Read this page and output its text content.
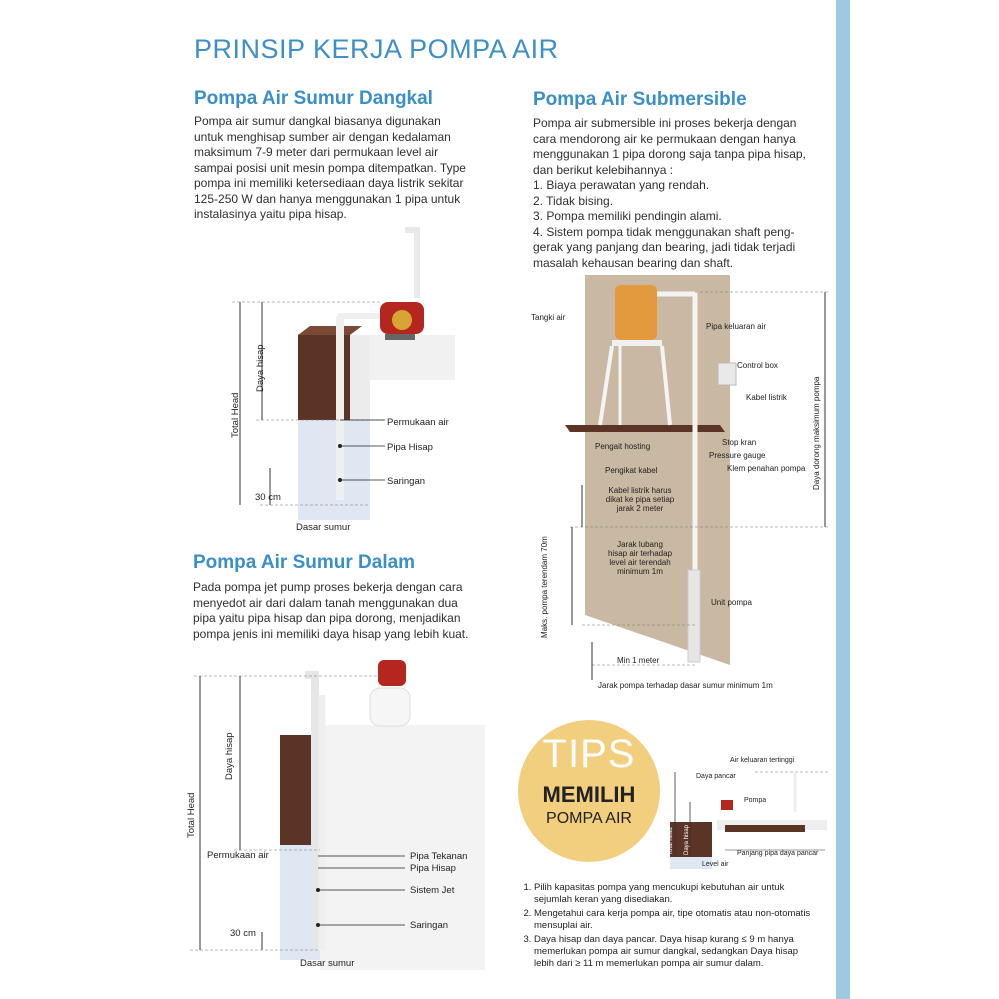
PRINSIP KERJA POMPA AIR
Pompa Air Sumur Dangkal
Pompa air sumur dangkal biasanya digunakan
untuk menghisap sumber air dengan kedalaman
maksimum 7-9 meter dari permukaan level air
sampai posisi unit mesin pompa ditempatkan. Type
pompa ini memiliki ketersediaan daya listrik sekitar
125-250 W dan hanya menggunakan 1 pipa untuk
instalasinya yaitu pipa hisap.
Total Head
Daya hisap
Permukaan air
Pipa Hisap
Saringan
30 cm
Dasar sumur
Pompa Air Sumur Dalam
Pada pompa jet pump proses bekerja dengan cara
menyedot air dari dalam tanah menggunakan dua
pipa yaitu pipa hisap dan pipa dorong, menjadikan
pompa jenis ini memiliki daya hisap yang lebih kuat.
Total Head
Daya hisap
Permukaan air	Pipa Tekanan
Pipa Hisap
Sistem Jet
Saringan
30 cm
Dasar sumur
Pompa Air Submersible
Pompa air submersible ini proses bekerja dengan
cara mendorong air ke permukaan dengan hanya
menggunakan 1 pipa dorong saja tanpa pipa hisap,
dan berikut kelebihannya :
1. Biaya perawatan yang rendah.
2. Tidak bising.
3. Pompa memiliki pendingin alami.
4. Sistem pompa tidak menggunakan shaft peng-
gerak yang panjang dan bearing, jadi tidak terjadi
masalah kehausan bearing dan shaft.
Tangki air
Pipa keluaran air
Control box
Kabel listrik
Stop kran
Pressure gauge
Klem penahan pompa
Pengait hosting
Pengikat kabel
Kabel listrik harus
dikat ke pipa setiap
jarak 2 meter
Jarak lubang
hisap air terhadap
level air terendah
minimum 1m
Unit pompa
Min 1 meter
Jarak pompa terhadap dasar sumur minimum 1m
Maks. pompa terendam 70m
Daya dorong maksimum pompa
TIPS
MEMILIH
POMPA AIR
Air keluaran tertinggi
Daya pancar
Pompa
Panjang pipa daya pancar
Level air
Total head Daya hisap
1. Pilih kapasitas pompa yang mencukupi kebutuhan air untuk sejumlah keran yang disediakan.
2. Mengetahui cara kerja pompa air, tipe otomatis atau non-otomatis mensuplai air.
3. Daya hisap dan daya pancar. Daya hisap kurang ≤ 9 m hanya memerlukan pompa air sumur dangkal, sedangkan Daya hisap lebih dari ≥ 11 m memerlukan pompa air sumur dalam.
